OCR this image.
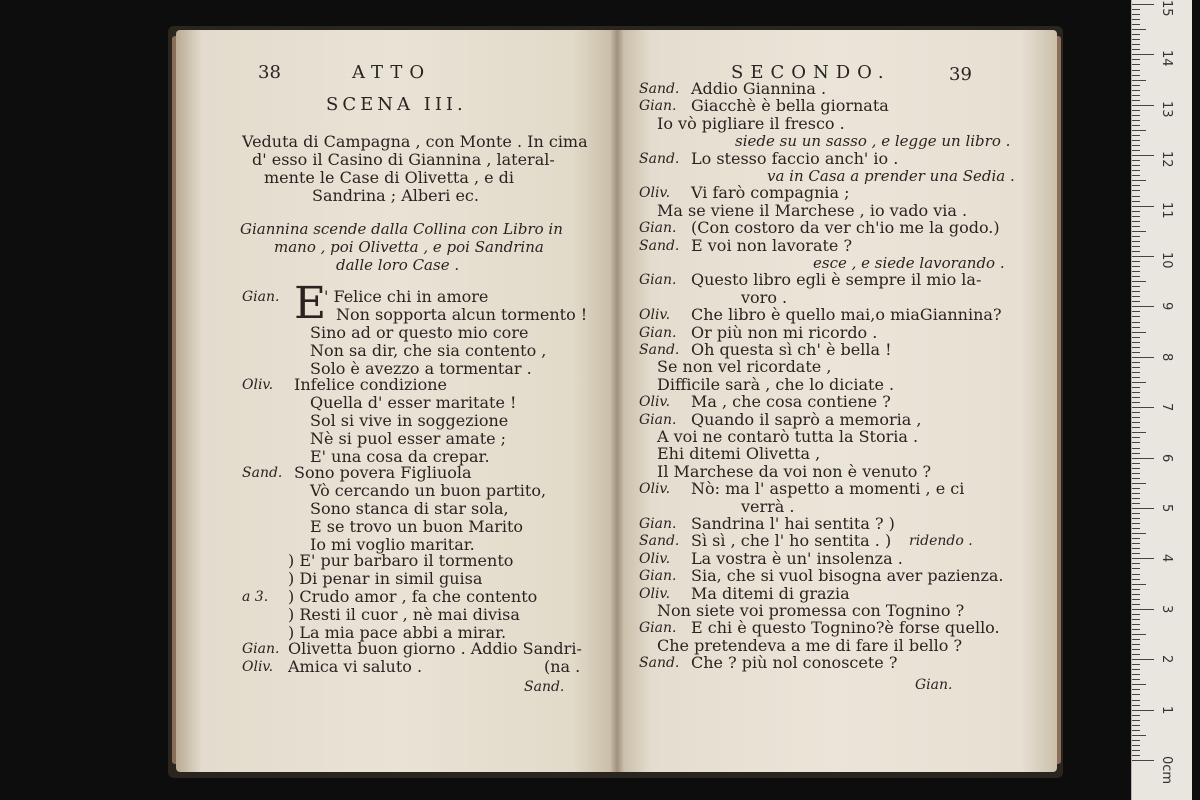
38	ATTO
SCENA III.
Veduta di Campagna , con Monte . In cima
d' esso il Casino di Giannina , lateral-
mente le Case di Olivetta , e di
Sandrina ; Alberi ec.
Giannina scende dalla Collina con Libro in
mano , poi Olivetta , e poi Sandrina
dalle loro Case .
Gian. E
' Felice chi in amore
Non sopporta alcun tormento !
Sino ad or questo mio core
Non sa dir, che sia contento ,
Solo è avezzo a tormentar .
Oliv. Infelice condizione
Quella d' esser maritate !
Sol si vive in soggezione
Nè si puol esser amate ;
E' una cosa da crepar.
Sand. Sono povera Figliuola
Vò cercando un buon partito,
Sono stanca di star sola,
E se trovo un buon Marito
Io mi voglio maritar.
) E' pur barbaro il tormento
) Di penar in simil guisa
a 3. ) Crudo amor , fa che contento
) Resti il cuor , nè mai divisa
) La mia pace abbi a mirar.
Gian. Olivetta buon giorno . Addio Sandri-
Oliv. Amica vi saluto .	(na .
Sand.
SECONDO.	39
ridendo .
Gian.
Sand. Addio Giannina .
Gian. Giacchè è bella giornata
Io vò pigliare il fresco .
siede su un sasso , e legge un libro .
Sand. Lo stesso faccio anch' io .
va in Casa a prender una Sedia .
Oliv. Vi farò compagnia ;
Ma se viene il Marchese , io vado via .
Gian. (Con costoro da ver ch'io me la godo.)
Sand. E voi non lavorate ?
esce , e siede lavorando .
Gian. Questo libro egli è sempre il mio la-
voro .
Oliv. Che libro è quello mai,o miaGiannina?
Gian. Or più non mi ricordo .
Sand. Oh questa sì ch' è bella !
Se non vel ricordate ,
Difficile sarà , che lo diciate .
Oliv. Ma , che cosa contiene ?
Gian. Quando il saprò a memoria ,
A voi ne contarò tutta la Storia .
Ehi ditemi Olivetta ,
Il Marchese da voi non è venuto ?
Oliv. Nò: ma l' aspetto a momenti , e ci
verrà .
Gian. Sandrina l' hai sentita ? )
Sand. Sì sì , che l' ho sentita . )
Oliv. La vostra è un' insolenza .
Gian. Sia, che si vuol bisogna aver pazienza.
Oliv. Ma ditemi di grazia
Non siete voi promessa con Tognino ?
Gian. E chi è questo Tognino?è forse quello.
Che pretendeva a me di fare il bello ?
Sand. Che ? più nol conoscete ?
15
14
13
12
11
10
9
8
7
6
5
4
3
2
1
0cm
